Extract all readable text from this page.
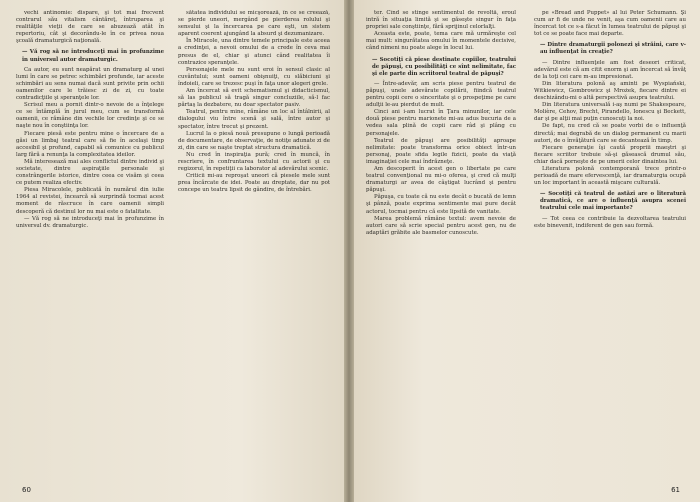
vechi antinomie: dispare, şi tot mai frecvent contrarul său vitalism cântăreţ, întruparea şi realităţile vieţii de care se abuzează atât în repertoriu, cât şi decorându-le în ce privea noua şcoală dramaturgică naţională.

— Vă rog să ne introduceţi mai în profunzime în universul autor dramaturgic.

Ca autor, eu sunt neapărat un dramaturg al unei lumi în care se petrec schimbări profunde, iar aceste schimbări au sens numai dacă sunt privite prin ochii oamenilor care le trăiesc zi de zi, cu toate contradicţiile şi speranţele lor.

Scrisul meu a pornit dintr-o nevoie de a înţelege ce se întâmplă în jurul meu, cum se transformă oamenii, ce rămâne din vechile lor credinţe şi ce se naşte nou în conştiinţa lor.

Fiecare piesă este pentru mine o încercare de a găsi un limbaj teatral care să fie în acelaşi timp accesibil şi profund, capabil să comunice cu publicul larg fără a renunţa la complexitatea ideilor.

Mă interesează mai ales conflictul dintre individ şi societate, dintre aspiraţiile personale şi constrângerile istorice, dintre ceea ce visăm şi ceea ce putem realiza efectiv.

Piesa Miracolele, publicată în numărul din iulie 1964 al revistei, încearcă să surprindă tocmai acest moment de răscruce în care oamenii simpli descoperă că destinul lor nu mai este o fatalitate.

— Vă rog să ne introduceţi mai în profunzime în universul dv. dramaturgic.

sătatea individului se micşorează, în ce se creează, se pierde uneori, mergând pe pierderea rolului şi sensului şi la încercarea pe care eşti, un sistem aparent coerent ajungând la absurd şi dezumanizare.

În Miracole, una dintre temele principale este aceea a credinţei, a nevoii omului de a crede în ceva mai presus de el, chiar şi atunci când realitatea îi contrazice speranţele.

Personajele mele nu sunt eroi în sensul clasic al cuvântului; sunt oameni obişnuiţi, cu slăbiciuni şi îndoieli, care se trezesc puşi în faţa unor alegeri grele.

Am încercat să evit schematismul şi didacticismul, să las publicul să tragă singur concluziile, să-l fac părtaş la dezbatere, nu doar spectator pasiv.

Teatrul, pentru mine, rămâne un loc al întâlnirii, al dialogului viu între scenă şi sală, între autor şi spectator, între trecut şi prezent.

Lucrul la o piesă nouă presupune o lungă perioadă de documentare, de observaţie, de notiţe adunate zi de zi, din care se naşte treptat structura dramatică.

Nu cred în inspiraţia pură; cred în muncă, în rescriere, în confruntarea textului cu actorii şi cu regizorul, în repetiţii ca laborator al adevărului scenic.

Criticii mi-au reproşat uneori că piesele mele sunt prea încărcate de idei. Poate au dreptate, dar nu pot concepe un teatru lipsit de gândire, de întrebări.

60

ter. Cînd se stinge sentimentul de revoltă, eroul intră în situaţia limită şi se găseşte singur în faţa propriei sale conştiinţe, fără sprijinul celorlalţi.

Aceasta este, poate, tema care mă urmăreşte cel mai mult: singurătatea omului în momentele decisive, când nimeni nu poate alege în locul lui.

— Socotiţi că piese destinate copiilor, teatrului de păpuşi, cu posibilităţi ce sînt nelimitate, fac şi ele parte din scriitorul teatral de păpuşi?

— Între-adevăr, am scris piese pentru teatrul de păpuşi, unele adevărate copilării, fiindcă teatrul pentru copii cere o sinceritate şi o prospeţime pe care adulţii le-au pierdut de mult.

Cinci ani i-am lucrat în Ţara minunilor, iar cele două piese pentru marionete mi-au adus bucuria de a vedea sala plină de copii care râd şi plâng cu personajele.

Teatrul de păpuşi are posibilităţi aproape nelimitate: poate transforma orice obiect într-un personaj, poate sfida legile fizicii, poate da viaţă imaginaţiei cele mai îndrăzneţe.

Am descoperit în acest gen o libertate pe care teatrul convenţional nu mi-o oferea, şi cred că mulţi dramaturgi ar avea de câştigat lucrând şi pentru păpuşi.

Păpuşa, cu toate că nu este decât o bucată de lemn şi pânză, poate exprima sentimente mai pure decât actorul, tocmai pentru că este lipsită de vanitate.

Marea problemă rămâne textul: avem nevoie de autori care să scrie special pentru acest gen, nu de adaptări grăbite ale basmelor cunoscute.

pe «Bread and Puppet» al lui Peter Schumann. Şi cum ar fi de unde ne venit, aşa cum oamenii care au încercat tot ce s-a făcut în lumea teatrului de păpuşi şi tot ce se poate face mai departe.

— Dintre dramaturgii polonezi şi străini, care v-au influenţat în creaţie?

— Dintre influenţele am fost deseori criticat, adevărul este că am citit enorm şi am încercat să învăţ de la toţi cei care m-au impresionat.

Din literatura polonă aş aminti pe Wyspiański, Witkiewicz, Gombrowicz şi Mrożek, fiecare dintre ei deschizându-mi o altă perspectivă asupra teatrului.

Din literatura universală i-aş numi pe Shakespeare, Molière, Cehov, Brecht, Pirandello, Ionescu şi Beckett, dar şi pe alţii mai puţin cunoscuţi la noi.

De fapt, nu cred că se poate vorbi de o influenţă directă; mai degrabă de un dialog permanent cu marii autori, de o învăţătură care se decantează în timp.

Fiecare generaţie îşi caută propriii maeştri şi fiecare scriitor trebuie să-şi găsească drumul său, chiar dacă porneşte de pe umerii celor dinaintea lui.

Literatura polonă contemporană trece printr-o perioadă de mare efervescenţă, iar dramaturgia ocupă un loc important în această mişcare culturală.

— Socotiţi că teatrul de astăzi are o literatură dramatică, ce are o influenţă asupra scenei teatrului cele mai importante?

— Tot ceea ce contribuie la dezvoltarea teatrului este binevenit, indiferent de gen sau formă.

61
